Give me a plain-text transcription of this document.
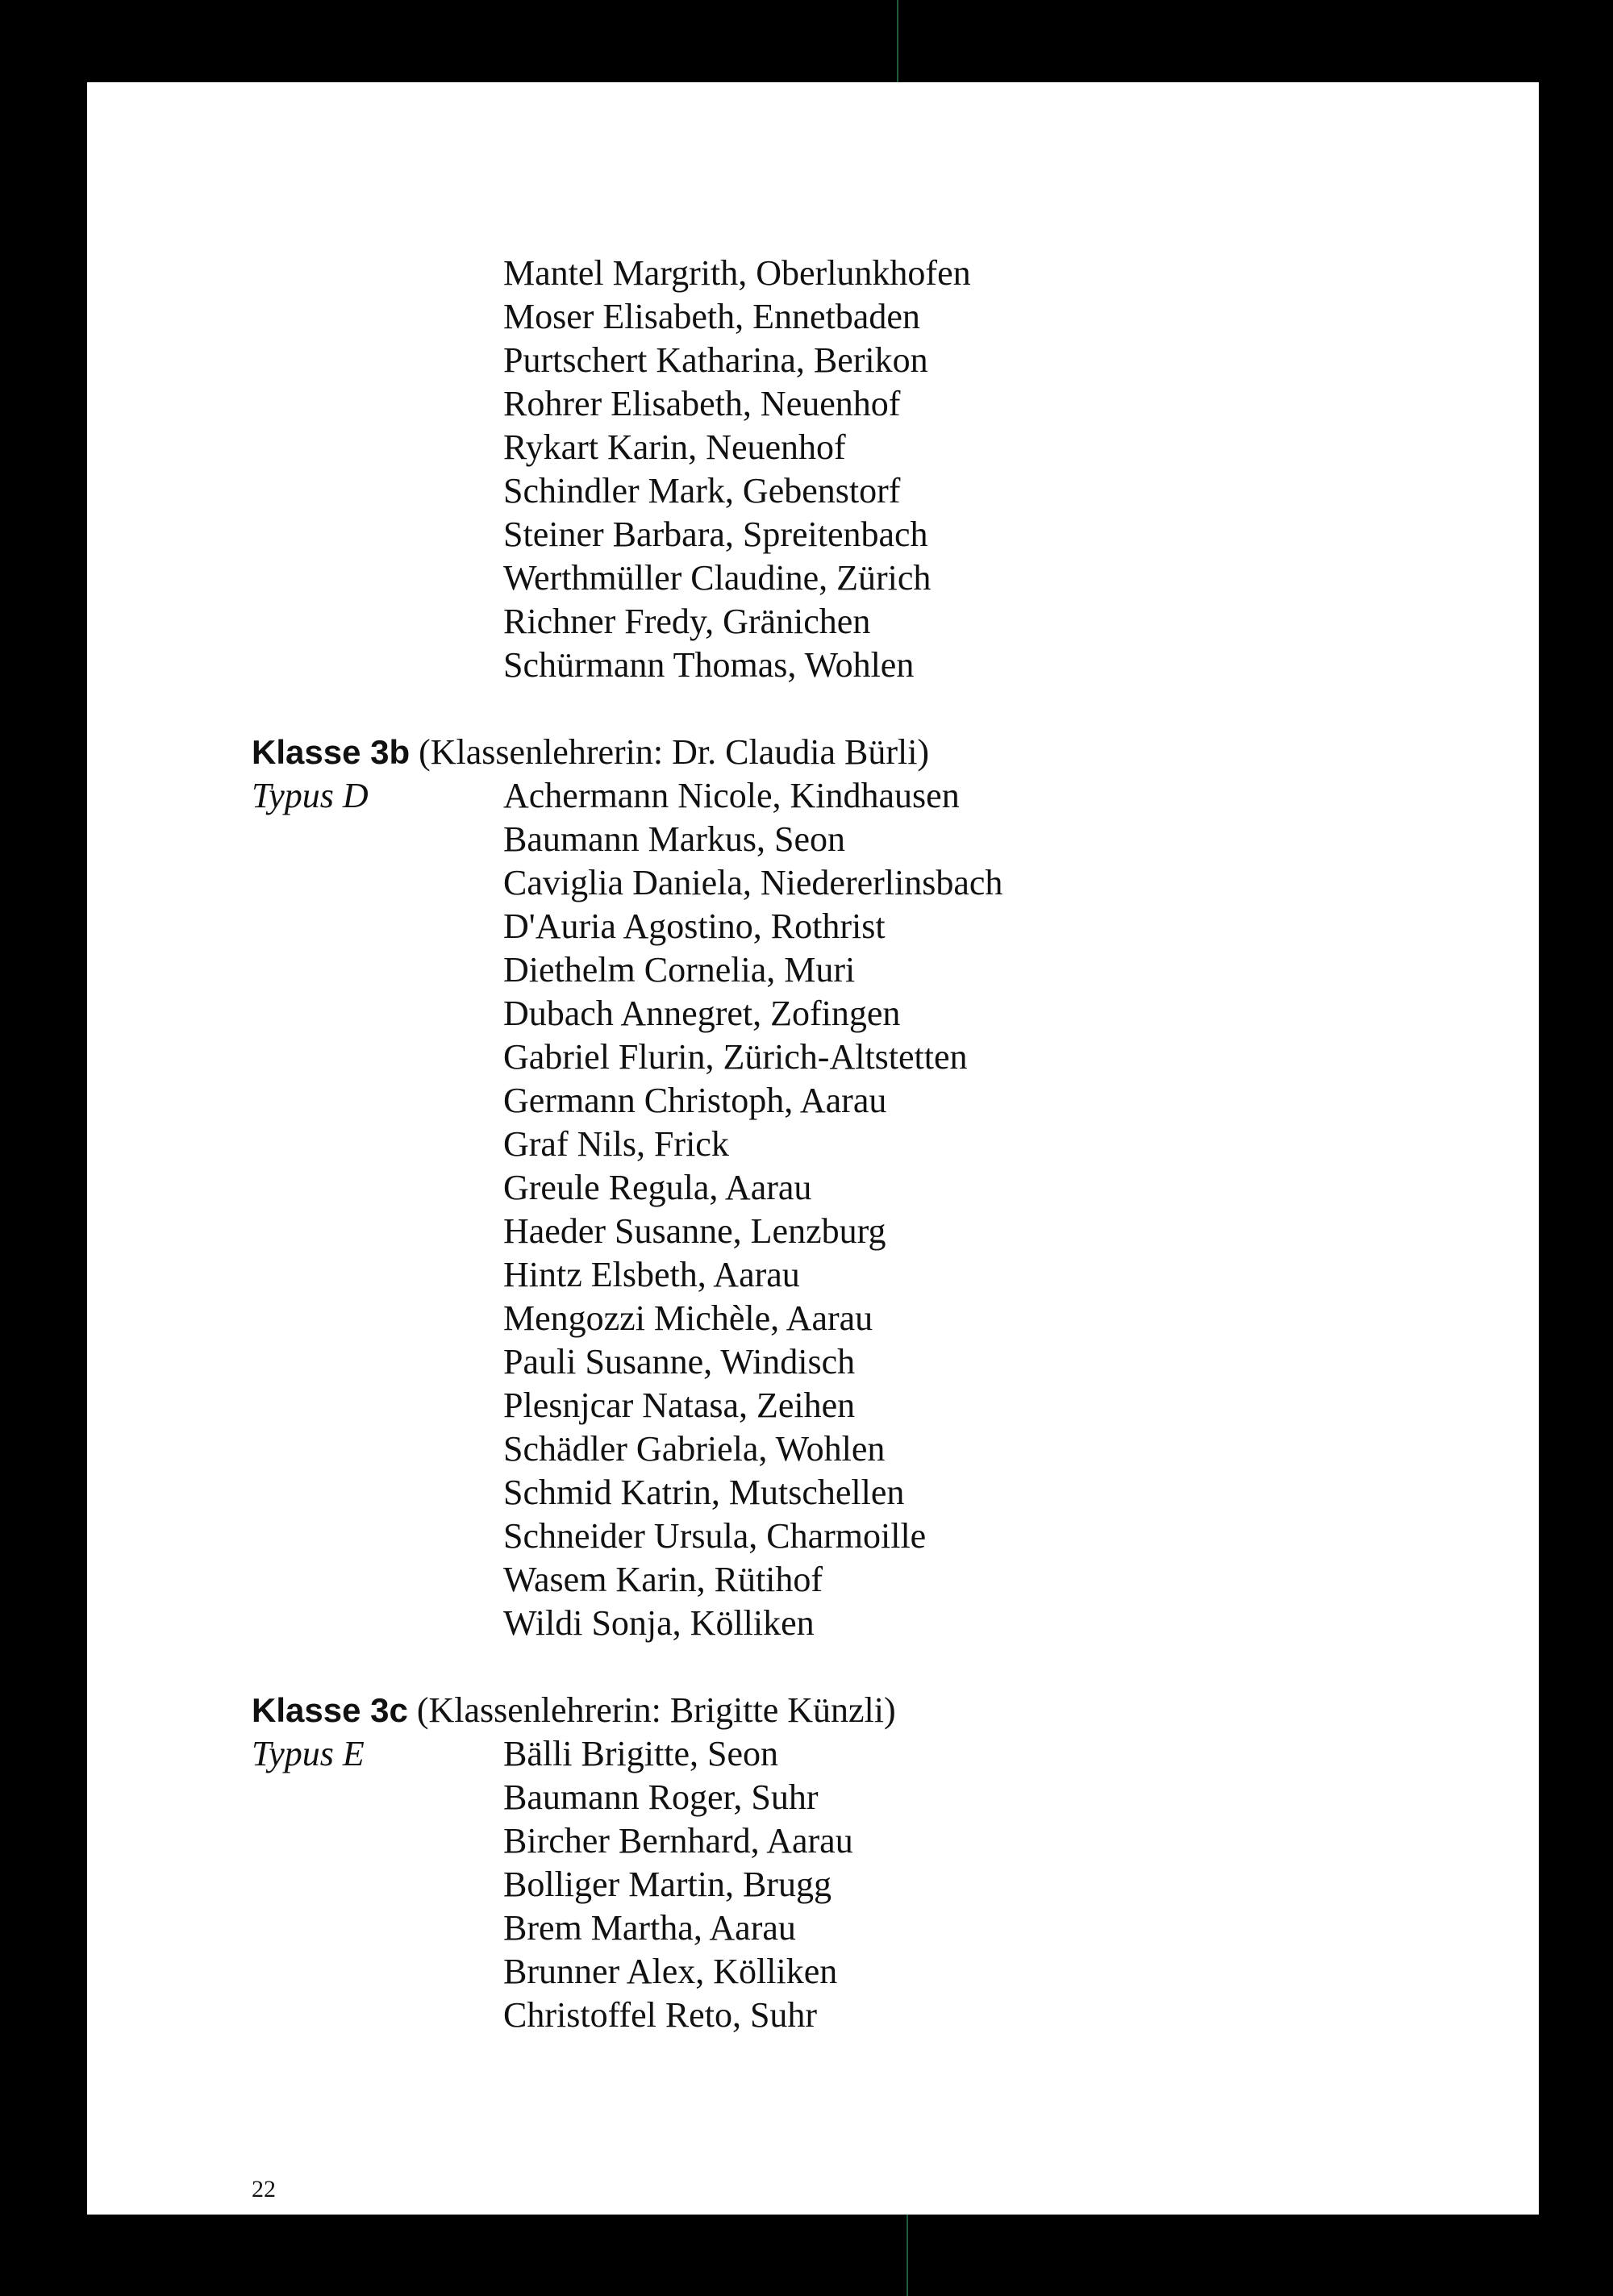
Mantel Margrith, Oberlunkhofen
Moser Elisabeth, Ennetbaden
Purtschert Katharina, Berikon
Rohrer Elisabeth, Neuenhof
Rykart Karin, Neuenhof
Schindler Mark, Gebenstorf
Steiner Barbara, Spreitenbach
Werthmüller Claudine, Zürich
Richner Fredy, Gränichen
Schürmann Thomas, Wohlen
Klasse 3b (Klassenlehrerin: Dr. Claudia Bürli)
Typus D	Achermann Nicole, Kindhausen
Baumann Markus, Seon
Caviglia Daniela, Niedererlinsbach
D'Auria Agostino, Rothrist
Diethelm Cornelia, Muri
Dubach Annegret, Zofingen
Gabriel Flurin, Zürich-Altstetten
Germann Christoph, Aarau
Graf Nils, Frick
Greule Regula, Aarau
Haeder Susanne, Lenzburg
Hintz Elsbeth, Aarau
Mengozzi Michèle, Aarau
Pauli Susanne, Windisch
Plesnjcar Natasa, Zeihen
Schädler Gabriela, Wohlen
Schmid Katrin, Mutschellen
Schneider Ursula, Charmoille
Wasem Karin, Rütihof
Wildi Sonja, Kölliken
Klasse 3c (Klassenlehrerin: Brigitte Künzli)
Typus E	Bälli Brigitte, Seon
Baumann Roger, Suhr
Bircher Bernhard, Aarau
Bolliger Martin, Brugg
Brem Martha, Aarau
Brunner Alex, Kölliken
Christoffel Reto, Suhr
22
